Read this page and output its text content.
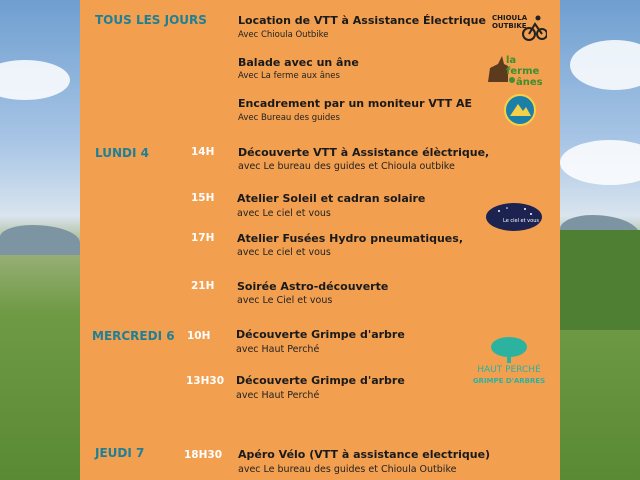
TOUS LES JOURS	Location de VTT à Assistance Électrique
Avec Chioula Outbike
Balade avec un âne
Avec La ferme aux ânes
Encadrement par un moniteur VTT AE
Avec Bureau des guides
LUNDI 4	14H Découverte VTT à Assistance élèctrique,
avec Le bureau des guides et Chioula outbike
15H Atelier Soleil et cadran solaire
avec Le ciel et vous
17H Atelier Fusées Hydro pneumatiques,
avec Le ciel et vous
21H Soirée Astro-découverte
avec Le Ciel et vous
MERCREDI 6 10H Découverte Grimpe d'arbre
avec Haut Perché
13H30 Découverte Grimpe d'arbre
avec Haut Perché
JEUDI 7	18H30 Apéro Vélo (VTT à assistance electrique)
avec Le bureau des guides et Chioula Outbike
CHIOULA
OUTBIKE
la ferme
ânes
Le ciel et vous
HAUT PERCHÉ
GRIMPE D'ARBRES
